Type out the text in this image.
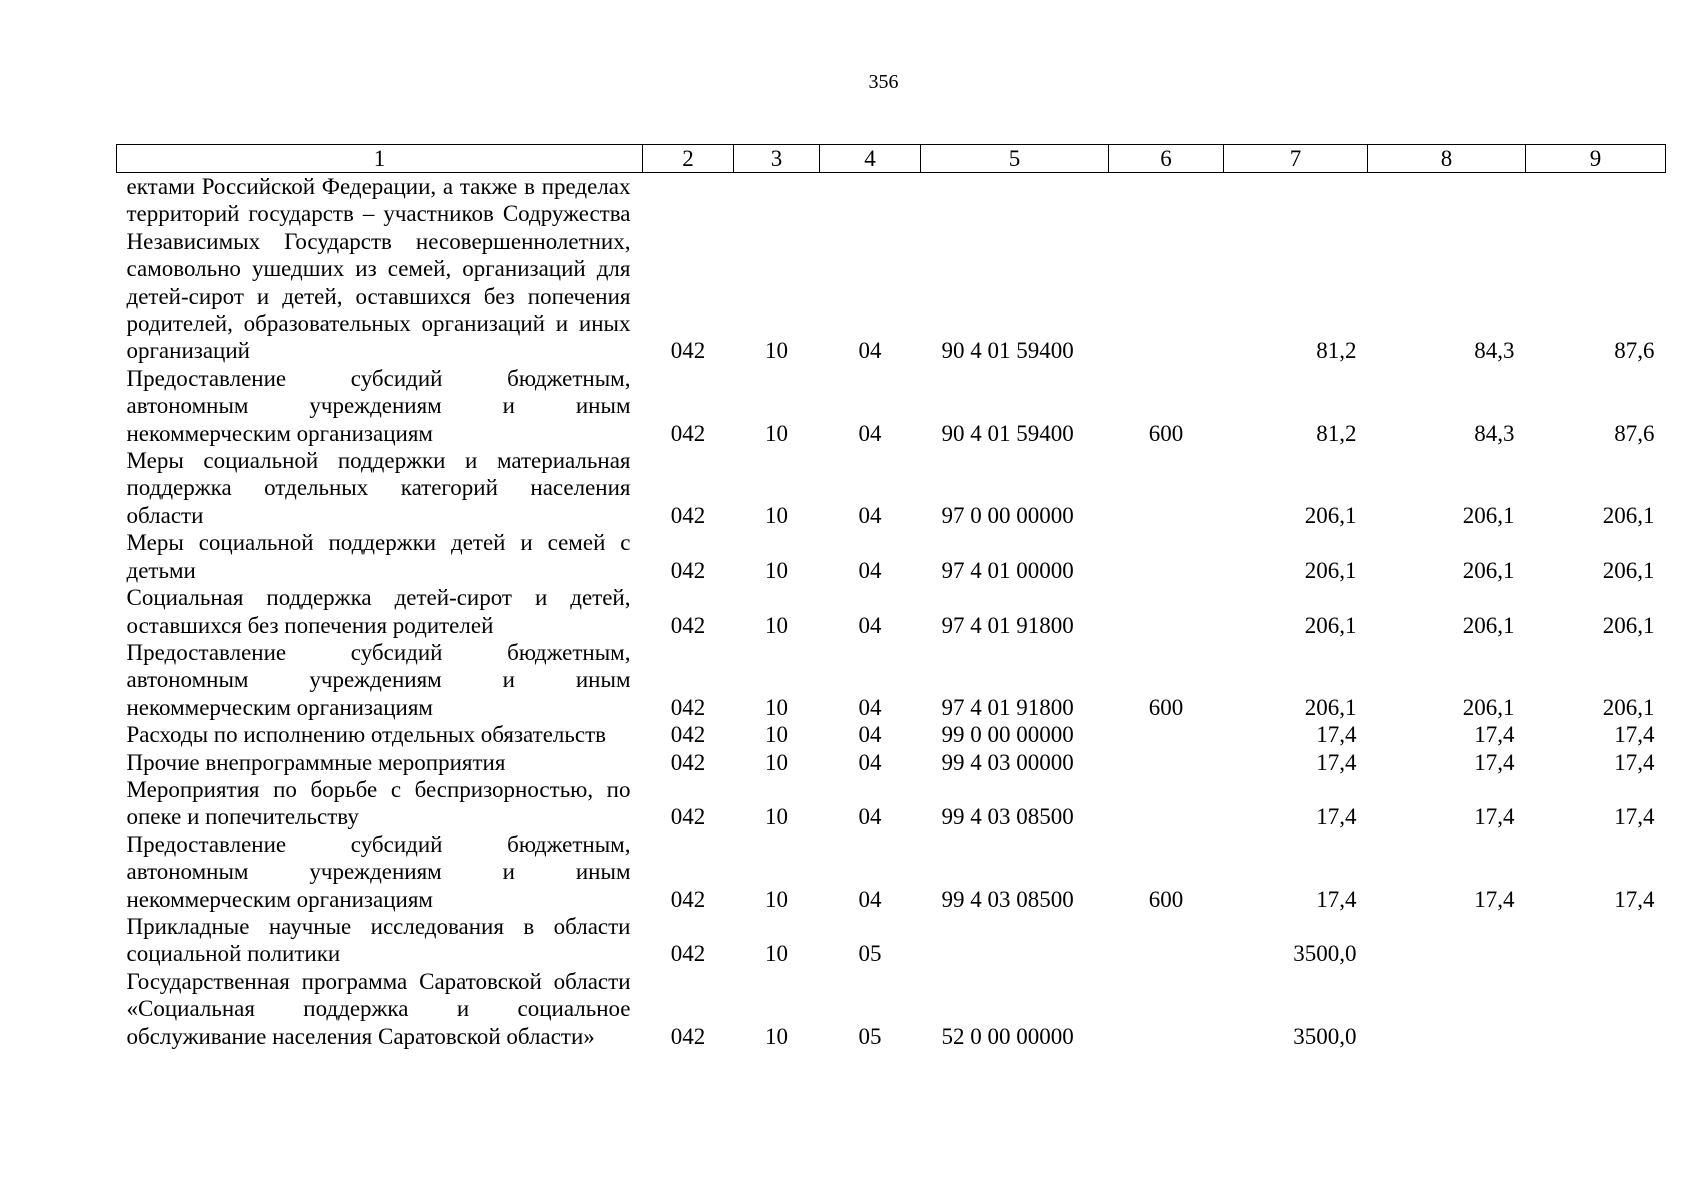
356
1	2	3	4	5	6	7	8	9
ектами Российской Федерации, а также в пределах территорий государств – участников Содружества Независимых Государств несовершеннолетних, самовольно ушедших из семей, организаций для детей-сирот и детей, оставшихся без попечения родителей, образовательных организаций и иных организаций	042	10	04	90 4 01 59400		81,2	84,3	87,6
Предоставление субсидий бюджетным, автономным учреждениям и иным некоммерческим организациям	042	10	04	90 4 01 59400	600	81,2	84,3	87,6
Меры социальной поддержки и материальная поддержка отдельных категорий населения области	042	10	04	97 0 00 00000		206,1	206,1	206,1
Меры социальной поддержки детей и семей с детьми	042	10	04	97 4 01 00000		206,1	206,1	206,1
Социальная поддержка детей-сирот и детей, оставшихся без попечения родителей	042	10	04	97 4 01 91800		206,1	206,1	206,1
Предоставление субсидий бюджетным, автономным учреждениям и иным некоммерческим организациям	042	10	04	97 4 01 91800	600	206,1	206,1	206,1
Расходы по исполнению отдельных обязательств	042	10	04	99 0 00 00000		17,4	17,4	17,4
Прочие внепрограммные мероприятия	042	10	04	99 4 03 00000		17,4	17,4	17,4
Мероприятия по борьбе с беспризорностью, по опеке и попечительству	042	10	04	99 4 03 08500		17,4	17,4	17,4
Предоставление субсидий бюджетным, автономным учреждениям и иным некоммерческим организациям	042	10	04	99 4 03 08500	600	17,4	17,4	17,4
Прикладные научные исследования в области социальной политики	042	10	05			3500,0		
Государственная программа Саратовской области «Социальная поддержка и социальное обслуживание населения Саратовской области»	042	10	05	52 0 00 00000		3500,0		
